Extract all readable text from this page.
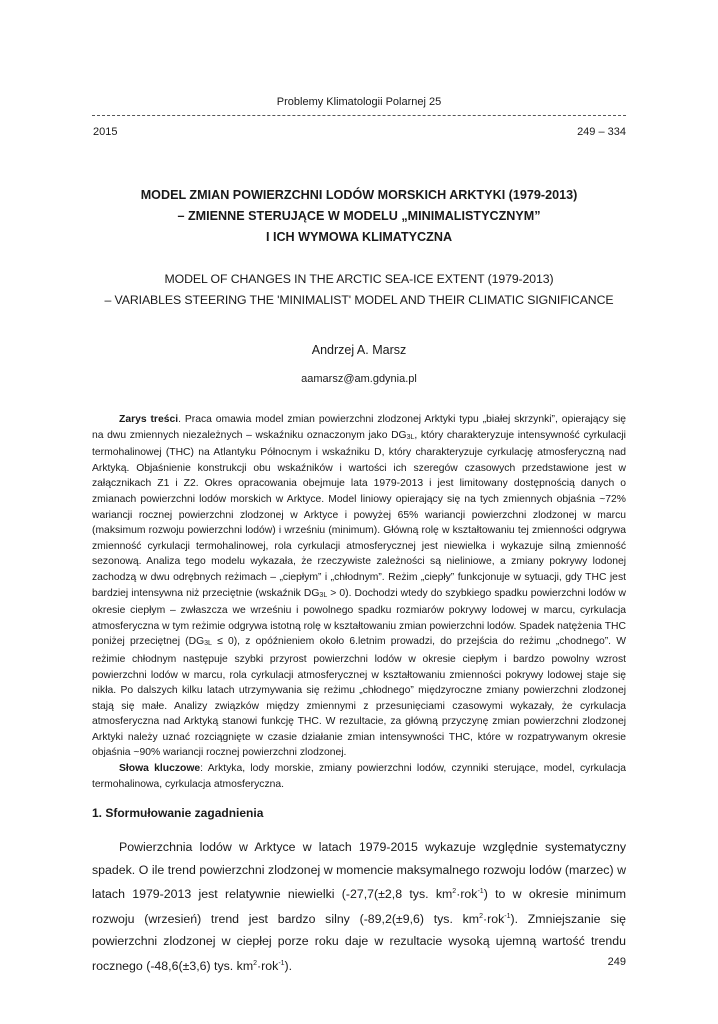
Problemy Klimatologii Polarnej 25
2015	249 – 334
MODEL ZMIAN POWIERZCHNI LODÓW MORSKICH ARKTYKI (1979-2013)
– ZMIENNE STERUJĄCE W MODELU „MINIMALISTYCZNYM”
I ICH WYMOWA KLIMATYCZNA
MODEL OF CHANGES IN THE ARCTIC SEA-ICE EXTENT (1979-2013)
– VARIABLES STEERING THE 'MINIMALIST' MODEL AND THEIR CLIMATIC SIGNIFICANCE
Andrzej A. Marsz
aamarsz@am.gdynia.pl

Zarys treści. Praca omawia model zmian powierzchni zlodzonej Arktyki typu „białej skrzynki”, opierający się na dwu zmiennych niezależnych – wskaźniku oznaczonym jako $DG_{3L}$, który charakteryzuje intensywność cyrkulacji termohalinowej (THC) na Atlantyku Północnym i wskaźniku D, który charakteryzuje cyrkulację atmosferyczną nad Arktyką. Objaśnienie konstrukcji obu wskaźników i wartości ich szeregów czasowych przedstawione jest w załącznikach Z1 i Z2. Okres opracowania obejmuje lata 1979-2013 i jest limitowany dostępnością danych o zmianach powierzchni lodów morskich w Arktyce. Model liniowy opierający się na tych zmiennych objaśnia ~72% wariancji rocznej powierzchni zlodzonej w Arktyce i powyżej 65% wariancji powierzchni zlodzonej w marcu (maksimum rozwoju powierzchni lodów) i wrześniu (minimum). Główną rolę w kształtowaniu tej zmienności odgrywa zmienność cyrkulacji termohalinowej, rola cyrkulacji atmosferycznej jest niewielka i wykazuje silną zmienność sezonową. Analiza tego modelu wykazała, że rzeczywiste zależności są nieliniowe, a zmiany pokrywy lodonej zachodzą w dwu odrębnych reżimach – „ciepłym” i „chłodnym”. Reżim „ciepły” funkcjonuje w sytuacji, gdy THC jest bardziej intensywna niż przeciętnie (wskaźnik $DG_{3L} > 0$). Dochodzi wtedy do szybkiego spadku powierzchni lodów w okresie ciepłym – zwłaszcza we wrześniu i powolnego spadku rozmiarów pokrywy lodowej w marcu, cyrkulacja atmosferyczna w tym reżimie odgrywa istotną rolę w kształtowaniu zmian powierzchni lodów. Spadek natężenia THC poniżej przeciętnej $(DG_{3L} \le 0)$, z opóźnieniem około 6.letnim prowadzi, do przejścia do reżimu „chodnego”. W reżimie chłodnym następuje szybki przyrost powierzchni lodów w okresie ciepłym i bardzo powolny wzrost powierzchni lodów w marcu, rola cyrkulacji atmosferycznej w kształtowaniu zmienności pokrywy lodowej staje się nikła. Po dalszych kilku latach utrzymywania się reżimu „chłodnego” międzyroczne zmiany powierzchni zlodzonej stają się małe. Analizy związków między zmiennymi z przesunięciami czasowymi wykazały, że cyrkulacja atmosferyczna nad Arktyką stanowi funkcję THC. W rezultacie, za główną przyczynę zmian powierzchni zlodzonej Arktyki należy uznać rozciągnięte w czasie działanie zmian intensywności THC, które w rozpatrywanym okresie objaśnia ~90% wariancji rocznej powierzchni zlodzonej.

Słowa kluczowe: Arktyka, lody morskie, zmiany powierzchni lodów, czynniki sterujące, model, cyrkulacja termohalinowa, cyrkulacja atmosferyczna.

1. Sformułowanie zagadnienia

Powierzchnia lodów w Arktyce w latach 1979-2015 wykazuje względnie systematyczny spadek. O ile trend powierzchni zlodzonej w momencie maksymalnego rozwoju lodów (marzec) w latach 1979-2013 jest relatywnie niewielki (-27,7(±2,8 tys. $km^2\cdot rok^{-1}$) to w okresie minimum rozwoju (wrzesień) trend jest bardzo silny (-89,2(±9,6) tys. $km^2\cdot rok^{-1}$). Zmniejszanie się powierzchni zlodzonej w ciepłej porze roku daje w rezultacie wysoką ujemną wartość trendu rocznego (-48,6(±3,6) tys. $km^2\cdot rok^{-1}$).	249
